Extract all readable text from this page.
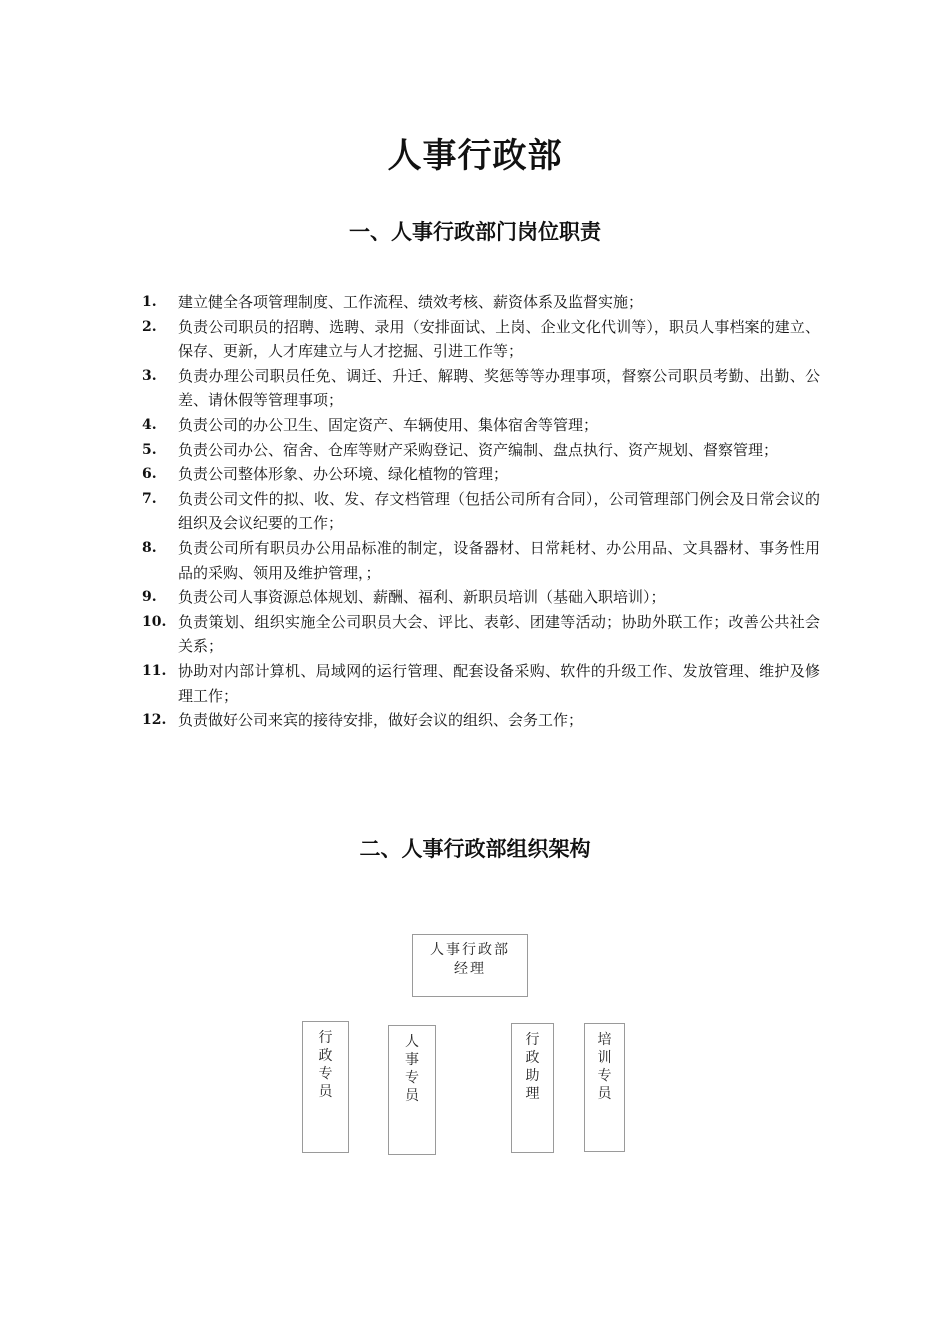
人事行政部
一、人事行政部门岗位职责
1.	建立健全各项管理制度、工作流程、绩效考核、薪资体系及监督实施；
2.	负责公司职员的招聘、选聘、录用（安排面试、上岗、企业文化代训等），职员人事档案的建立、保存、更新，人才库建立与人才挖掘、引进工作等；
3.	负责办理公司职员任免、调迁、升迁、解聘、奖惩等等办理事项，督察公司职员考勤、出勤、公差、请休假等管理事项；
4.	负责公司的办公卫生、固定资产、车辆使用、集体宿舍等管理；
5.	负责公司办公、宿舍、仓库等财产采购登记、资产编制、盘点执行、资产规划、督察管理；
6.	负责公司整体形象、办公环境、绿化植物的管理；
7.	负责公司文件的拟、收、发、存文档管理（包括公司所有合同），公司管理部门例会及日常会议的组织及会议纪要的工作；
8.	负责公司所有职员办公用品标准的制定，设备器材、日常耗材、办公用品、文具器材、事务性用品的采购、领用及维护管理，；
9.	负责公司人事资源总体规划、薪酬、福利、新职员培训（基础入职培训）；
10. 负责策划、组织实施全公司职员大会、评比、表彰、团建等活动；协助外联工作；改善公共社会关系；
11. 协助对内部计算机、局域网的运行管理、配套设备采购、软件的升级工作、发放管理、维护及修理工作；
12. 负责做好公司来宾的接待安排，做好会议的组织、会务工作；
二、人事行政部组织架构
人事行政部
经理
行
政
专
员
人
事
专
员
行
政
助
理
培
训
专
员
